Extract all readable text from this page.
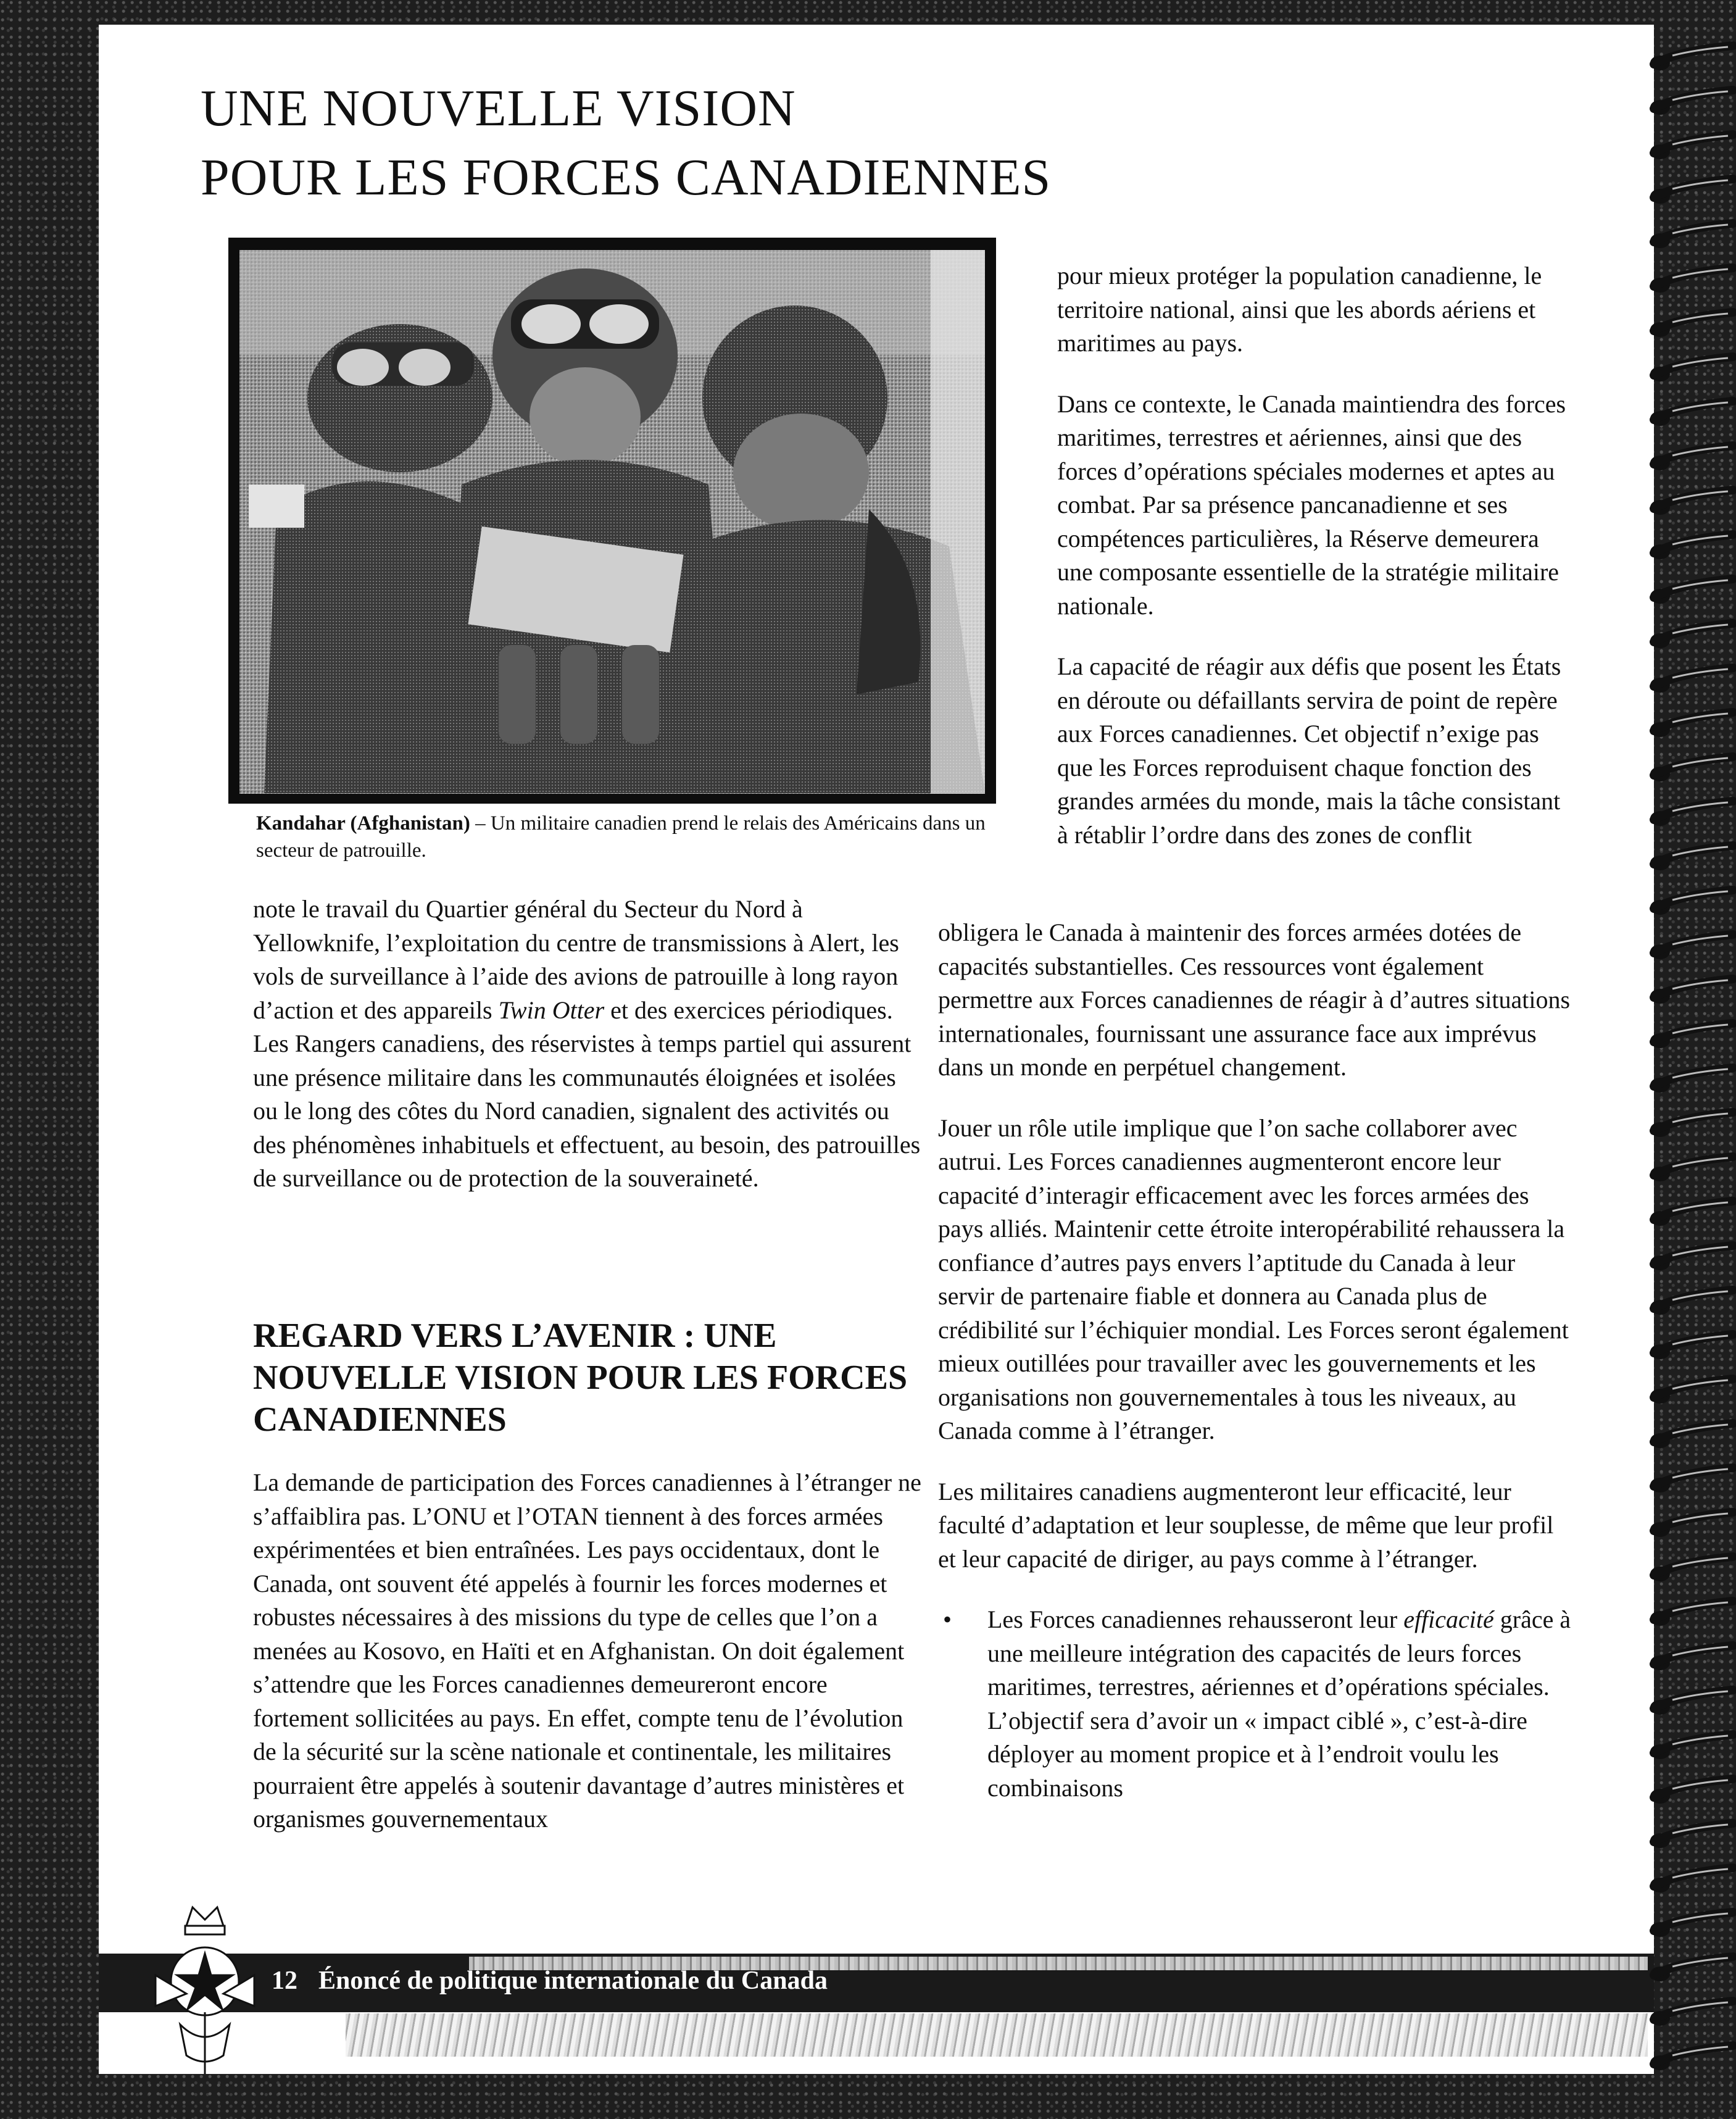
UNE NOUVELLE VISION
POUR LES FORCES CANADIENNES

Kandahar (Afghanistan) – Un militaire canadien prend le relais des Américains dans un secteur de patrouille.

note le travail du Quartier général du Secteur du Nord à Yellowknife, l’exploitation du centre de transmissions à Alert, les vols de surveillance à l’aide des avions de patrouille à long rayon d’action et des appareils Twin Otter et des exercices périodiques. Les Rangers canadiens, des réservistes à temps partiel qui assurent une présence militaire dans les communautés éloignées et isolées ou le long des côtes du Nord canadien, signalent des activités ou des phénomènes inhabituels et effectuent, au besoin, des patrouilles de surveillance ou de protection de la souveraineté.

REGARD VERS L’AVENIR : UNE NOUVELLE VISION POUR LES FORCES CANADIENNES

La demande de participation des Forces canadiennes à l’étranger ne s’affaiblira pas. L’ONU et l’OTAN tiennent à des forces armées expérimentées et bien entraînées. Les pays occidentaux, dont le Canada, ont souvent été appelés à fournir les forces modernes et robustes nécessaires à des missions du type de celles que l’on a menées au Kosovo, en Haïti et en Afghanistan. On doit également s’attendre que les Forces canadiennes demeureront encore fortement sollicitées au pays. En effet, compte tenu de l’évolution de la sécurité sur la scène nationale et continentale, les militaires pourraient être appelés à soutenir davantage d’autres ministères et organismes gouvernementaux

pour mieux protéger la population canadienne, le territoire national, ainsi que les abords aériens et maritimes au pays.

Dans ce contexte, le Canada maintiendra des forces maritimes, terrestres et aériennes, ainsi que des forces d’opérations spéciales modernes et aptes au combat. Par sa présence pancanadienne et ses compétences particulières, la Réserve demeurera une composante essentielle de la stratégie militaire nationale.

La capacité de réagir aux défis que posent les États en déroute ou défaillants servira de point de repère aux Forces canadiennes. Cet objectif n’exige pas que les Forces reproduisent chaque fonction des grandes armées du monde, mais la tâche consistant à rétablir l’ordre dans des zones de conflit

obligera le Canada à maintenir des forces armées dotées de capacités substantielles. Ces ressources vont également permettre aux Forces canadiennes de réagir à d’autres situations internationales, fournissant une assurance face aux imprévus dans un monde en perpétuel changement.

Jouer un rôle utile implique que l’on sache collaborer avec autrui. Les Forces canadiennes augmenteront encore leur capacité d’interagir efficacement avec les forces armées des pays alliés. Maintenir cette étroite interopérabilité rehaussera la confiance d’autres pays envers l’aptitude du Canada à leur servir de partenaire fiable et donnera au Canada plus de crédibilité sur l’échiquier mondial. Les Forces seront également mieux outillées pour travailler avec les gouvernements et les organisations non gouvernementales à tous les niveaux, au Canada comme à l’étranger.

Les militaires canadiens augmenteront leur efficacité, leur faculté d’adaptation et leur souplesse, de même que leur profil et leur capacité de diriger, au pays comme à l’étranger.

• Les Forces canadiennes rehausseront leur efficacité grâce à une meilleure intégration des capacités de leurs forces maritimes, terrestres, aériennes et d’opérations spéciales. L’objectif sera d’avoir un « impact ciblé », c’est-à-dire déployer au moment propice et à l’endroit voulu les combinaisons

12 Énoncé de politique internationale du Canada
